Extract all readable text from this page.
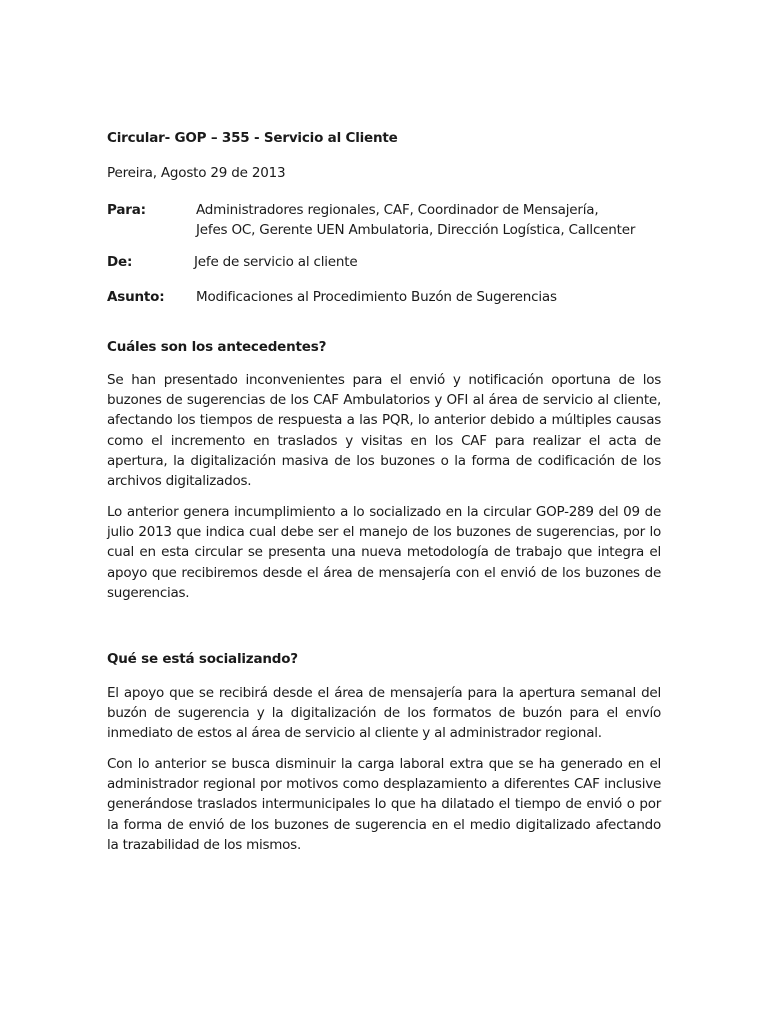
Circular- GOP – 355 - Servicio al Cliente
Pereira, Agosto 29 de 2013
Para:	Administradores regionales, CAF, Coordinador de Mensajería,
Jefes OC, Gerente UEN Ambulatoria, Dirección Logística, Callcenter
De:	Jefe de servicio al cliente
Asunto: Modificaciones al Procedimiento Buzón de Sugerencias
Cuáles son los antecedentes?
Se han presentado inconvenientes para el envió y notificación oportuna de los buzones de sugerencias de los CAF Ambulatorios y OFI al área de servicio al cliente, afectando los tiempos de respuesta a las PQR, lo anterior debido a múltiples causas como el incremento en traslados y visitas en los CAF para realizar el acta de apertura, la digitalización masiva de los buzones o la forma de codificación de los archivos digitalizados.
Lo anterior genera incumplimiento a lo socializado en la circular GOP-289 del 09 de julio 2013 que indica cual debe ser el manejo de los buzones de sugerencias, por lo cual en esta circular se presenta una nueva metodología de trabajo que integra el apoyo que recibiremos desde el área de mensajería con el envió de los buzones de sugerencias.
Qué se está socializando?
El apoyo que se recibirá desde el área de mensajería para la apertura semanal del buzón de sugerencia y la digitalización de los formatos de buzón para el envío inmediato de estos al área de servicio al cliente y al administrador regional.
Con lo anterior se busca disminuir la carga laboral extra que se ha generado en el administrador regional por motivos como desplazamiento a diferentes CAF inclusive generándose traslados intermunicipales lo que ha dilatado el tiempo de envió o por la forma de envió de los buzones de sugerencia en el medio digitalizado afectando la trazabilidad de los mismos.
